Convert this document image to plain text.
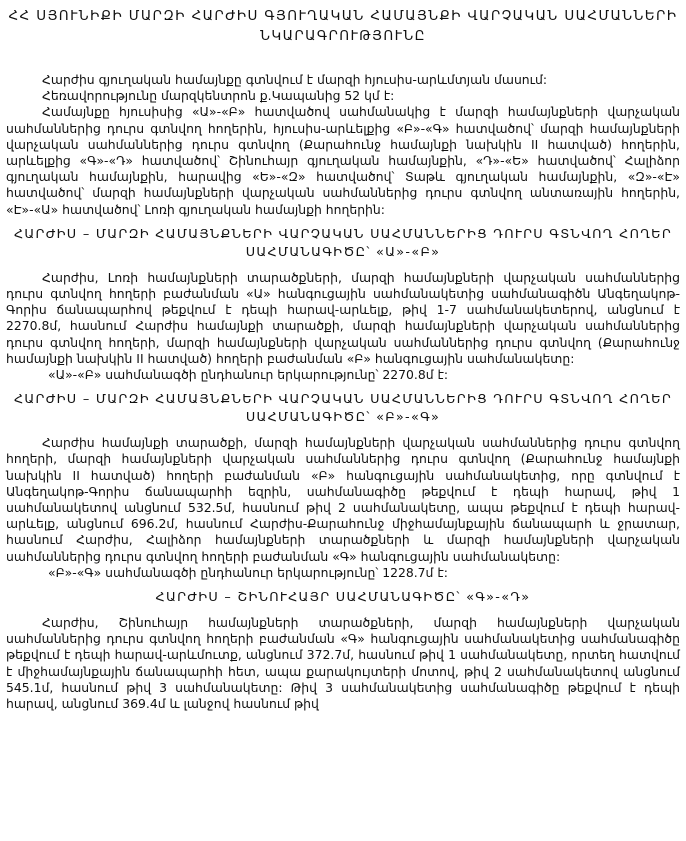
ՀՀ ՍՅՈՒՆԻՔԻ ՄԱՐԶԻ ՀԱՐԺԻՍ ԳՅՈՒՂԱԿԱՆ ՀԱՄԱՅՆՔԻ ՎԱՐՉԱԿԱՆ ՍԱՀՄԱՆՆԵՐԻ
ՆԿԱՐԱԳՐՈՒԹՅՈՒՆԸ

Հարժիս գյուղական համայնքը գտնվում է մարզի հյուսիս-արևմտյան մասում:

Հեռավորությունը մարզկենտրոն ք.Կապանից 52 կմ է:

Համայնքը հյուսիսից «Ա»-«Բ» հատվածով սահմանակից է մարզի համայնքների վարչական սահմաններից դուրս գտնվող հողերին, հյուսիս-արևելքից «Բ»-«Գ» հատվածով՝ մարզի համայնքների վարչական սահմաններից դուրս գտնվող (Քարահունջ համայնքի նախկին II հատված) հողերին, արևելքից «Գ»-«Դ» հատվածով՝ Շինուհայր գյուղական համայնքին, «Դ»-«Ե» հատվածով՝ Հալիձոր գյուղական համայնքին, հարավից «Ե»-«Զ» հատվածով՝ Տաթև գյուղական համայնքին, «Զ»-«Է» հատվածով՝ մարզի համայնքների վարչական սահմաններից դուրս գտնվող անտառային հողերին, «Է»-«Ա» հատվածով՝ Լոռի գյուղական համայնքի հողերին:

ՀԱՐԺԻՍ – ՄԱՐԶԻ ՀԱՄԱՅՆՔՆԵՐԻ ՎԱՐՉԱԿԱՆ ՍԱՀՄԱՆՆԵՐԻՑ ԴՈՒՐՍ ԳՏՆՎՈՂ ՀՈՂԵՐ
ՍԱՀՄԱՆԱԳԻԾԸ՝ «Ա»-«Բ»

Հարժիս, Լոռի համայնքների տարածքների, մարզի համայնքների վարչական սահմաններից դուրս գտնվող հողերի բաժանման «Ա» հանգուցային սահմանակետից սահմանագիծն Անգեղակոթ-Գորիս ճանապարհով թեքվում է դեպի հարավ-արևելք, թիվ 1-7 սահմանակետերով, անցնում է 2270.8մ, հասնում Հարժիս համայնքի տարածքի, մարզի համայնքների վարչական սահմաններից դուրս գտնվող հողերի, մարզի համայնքների վարչական սահմաններից դուրս գտնվող (Քարահունջ համայնքի նախկին II հատված) հողերի բաժանման «Բ» հանգուցային սահմանակետը:

«Ա»-«Բ» սահմանագծի ընդհանուր երկարությունը՝ 2270.8մ է:

ՀԱՐԺԻՍ – ՄԱՐԶԻ ՀԱՄԱՅՆՔՆԵՐԻ ՎԱՐՉԱԿԱՆ ՍԱՀՄԱՆՆԵՐԻՑ ԴՈՒՐՍ ԳՏՆՎՈՂ ՀՈՂԵՐ
ՍԱՀՄԱՆԱԳԻԾԸ՝ «Բ»-«Գ»

Հարժիս համայնքի տարածքի, մարզի համայնքների վարչական սահմաններից դուրս գտնվող հողերի, մարզի համայնքների վարչական սահմաններից դուրս գտնվող (Քարահունջ համայնքի նախկին II հատված) հողերի բաժանման «Բ» հանգուցային սահմանակետից, որը գտնվում է Անգեղակոթ-Գորիս ճանապարհի եզրին, սահմանագիծը թեքվում է դեպի հարավ, թիվ 1 սահմանակետով անցնում 532.5մ, հասնում թիվ 2 սահմանակետը, ապա թեքվում է դեպի հարավ-արևելք, անցնում 696.2մ, հասնում Հարժիս-Քարահունջ միջհամայնքային ճանապարհ և ջրատար, հասնում Հարժիս, Հալիձոր համայնքների տարածքների և մարզի համայնքների վարչական սահմաններից դուրս գտնվող հողերի բաժանման «Գ» հանգուցային սահմանակետը:

«Բ»-«Գ» սահմանագծի ընդհանուր երկարությունը՝ 1228.7մ է:

ՀԱՐԺԻՍ – ՇԻՆՈՒՀԱՅՐ ՍԱՀՄԱՆԱԳԻԾԸ՝ «Գ»-«Դ»

Հարժիս, Շինուհայր համայնքների տարածքների, մարզի համայնքների վարչական սահմաններից դուրս գտնվող հողերի բաժանման «Գ» հանգուցային սահմանակետից սահմանագիծը թեքվում է դեպի հարավ-արևմուտք, անցնում 372.7մ, հասնում թիվ 1 սահմանակետը, որտեղ հատվում է միջհամայնքային ճանապարհի հետ, ապա քարակույտերի մոտով, թիվ 2 սահմանակետով անցնում 545.1մ, հասնում թիվ 3 սահմանակետը: Թիվ 3 սահմանակետից սահմանագիծը թեքվում է դեպի հարավ, անցնում 369.4մ և լանջով հասնում թիվ
